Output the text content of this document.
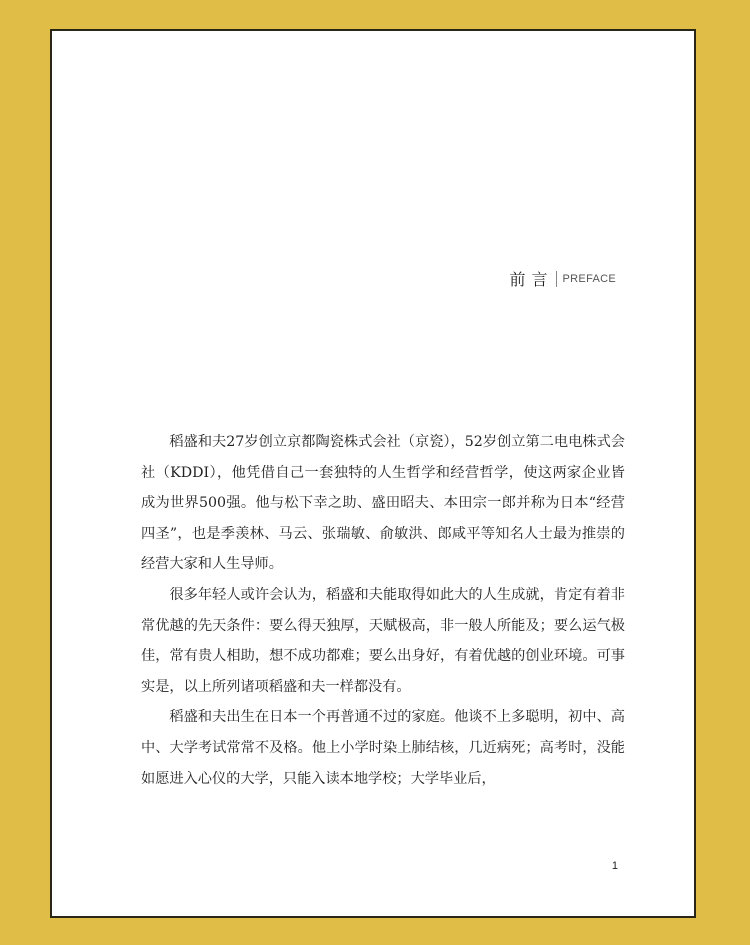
前言 PREFACE

稻盛和夫27岁创立京都陶瓷株式会社（京瓷），52岁创立第二电电株式会社（KDDI），他凭借自己一套独特的人生哲学和经营哲学，使这两家企业皆成为世界500强。他与松下幸之助、盛田昭夫、本田宗一郎并称为日本“经营四圣”，也是季羡林、马云、张瑞敏、俞敏洪、郎咸平等知名人士最为推崇的经营大家和人生导师。

很多年轻人或许会认为，稻盛和夫能取得如此大的人生成就，肯定有着非常优越的先天条件：要么得天独厚，天赋极高，非一般人所能及；要么运气极佳，常有贵人相助，想不成功都难；要么出身好，有着优越的创业环境。可事实是，以上所列诸项稻盛和夫一样都没有。

稻盛和夫出生在日本一个再普通不过的家庭。他谈不上多聪明，初中、高中、大学考试常常不及格。他上小学时染上肺结核，几近病死；高考时，没能如愿进入心仪的大学，只能入读本地学校；大学毕业后，

1
